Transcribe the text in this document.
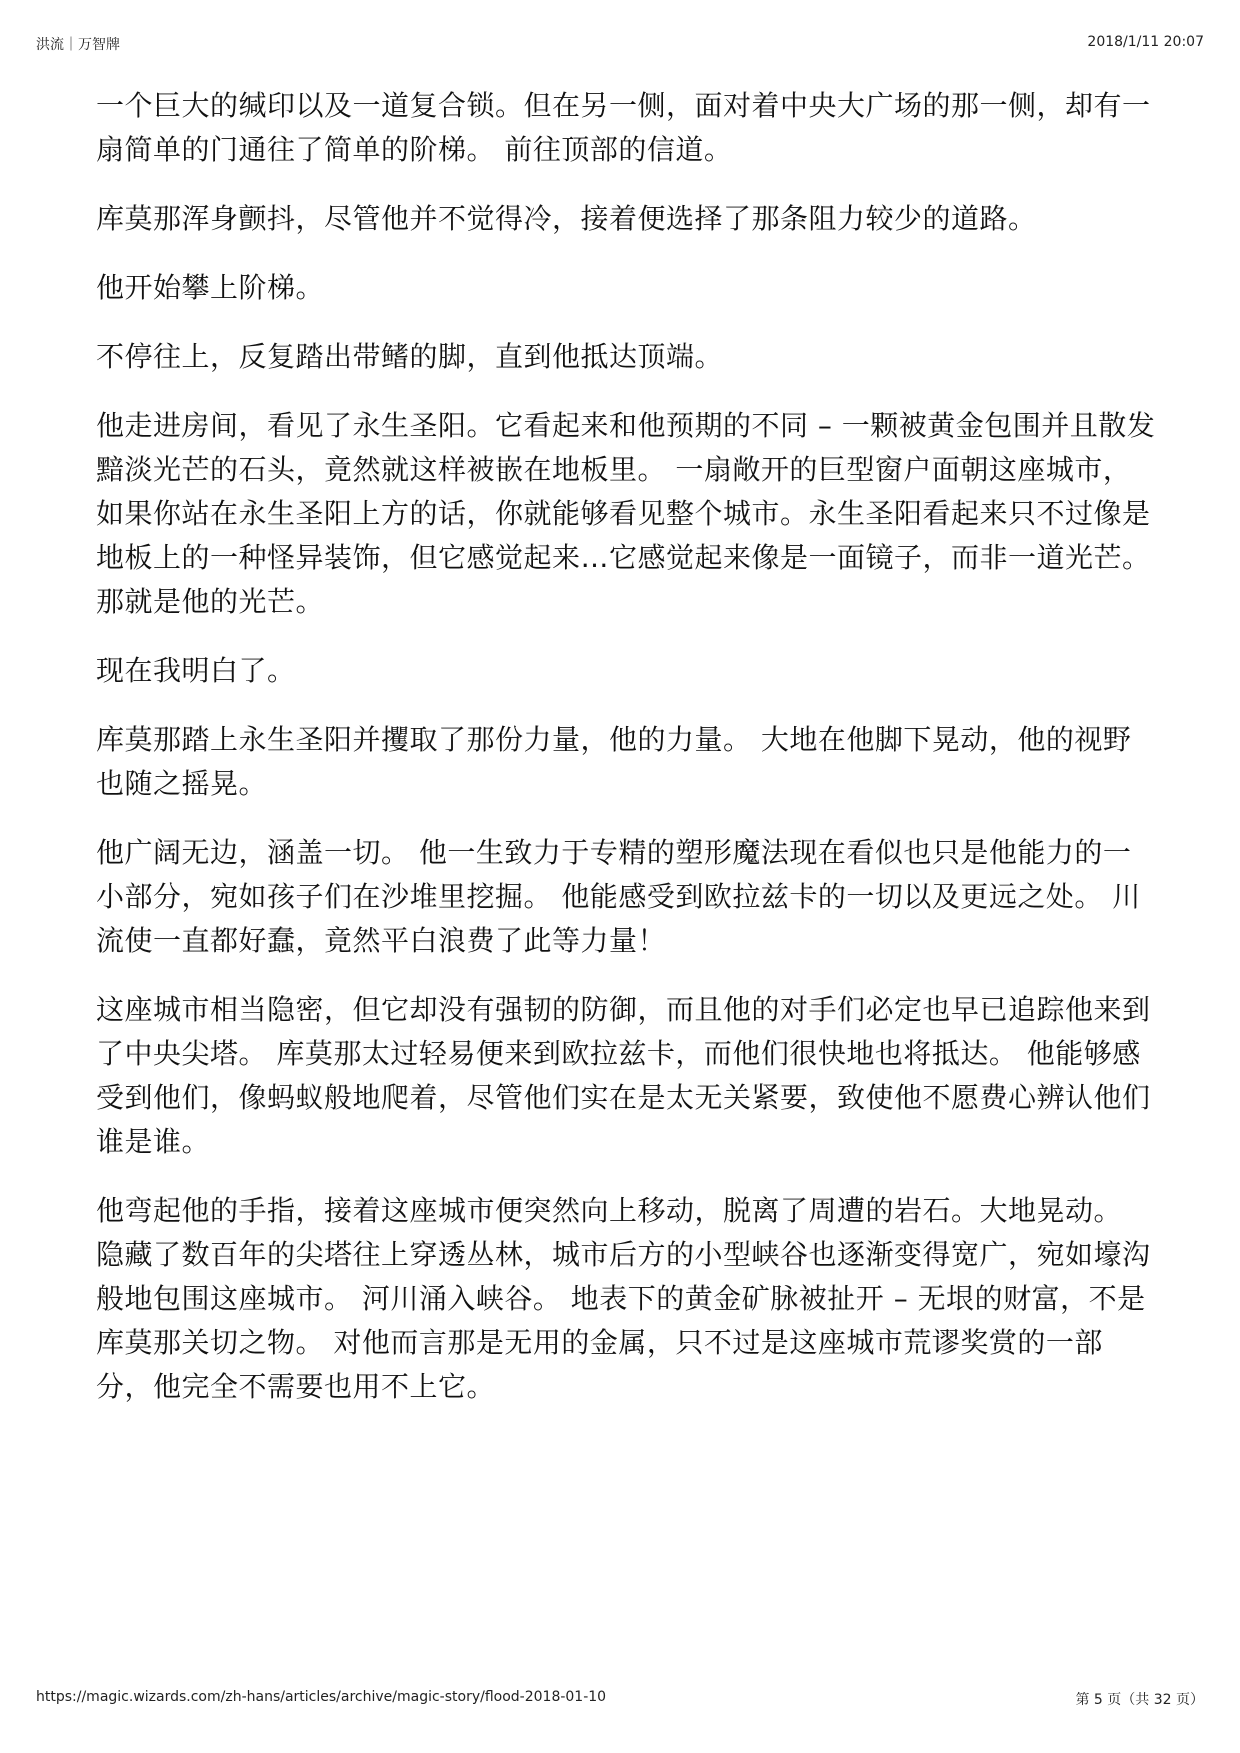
洪流｜万智牌	2018/1/11 20:07

一个巨大的缄印以及一道复合锁。但在另一侧，面对着中央大广场的那一侧，却有一扇简单的门通往了简单的阶梯。 前往顶部的信道。

库莫那浑身颤抖，尽管他并不觉得冷，接着便选择了那条阻力较少的道路。

他开始攀上阶梯。

不停往上，反复踏出带鳍的脚，直到他抵达顶端。

他走进房间，看见了永生圣阳。它看起来和他预期的不同 – 一颗被黄金包围并且散发黯淡光芒的石头，竟然就这样被嵌在地板里。 一扇敞开的巨型窗户面朝这座城市，如果你站在永生圣阳上方的话，你就能够看见整个城市。永生圣阳看起来只不过像是地板上的一种怪异装饰，但它感觉起来…它感觉起来像是一面镜子，而非一道光芒。 那就是他的光芒。

现在我明白了。

库莫那踏上永生圣阳并攫取了那份力量，他的力量。 大地在他脚下晃动，他的视野也随之摇晃。

他广阔无边，涵盖一切。 他一生致力于专精的塑形魔法现在看似也只是他能力的一小部分，宛如孩子们在沙堆里挖掘。 他能感受到欧拉兹卡的一切以及更远之处。 川流使一直都好蠢，竟然平白浪费了此等力量！

这座城市相当隐密，但它却没有强韧的防御，而且他的对手们必定也早已追踪他来到了中央尖塔。 库莫那太过轻易便来到欧拉兹卡，而他们很快地也将抵达。 他能够感受到他们，像蚂蚁般地爬着，尽管他们实在是太无关紧要，致使他不愿费心辨认他们谁是谁。

他弯起他的手指，接着这座城市便突然向上移动，脱离了周遭的岩石。大地晃动。 隐藏了数百年的尖塔往上穿透丛林，城市后方的小型峡谷也逐渐变得宽广，宛如壕沟般地包围这座城市。 河川涌入峡谷。 地表下的黄金矿脉被扯开 – 无垠的财富，不是库莫那关切之物。 对他而言那是无用的金属，只不过是这座城市荒谬奖赏的一部分，他完全不需要也用不上它。

https://magic.wizards.com/zh-hans/articles/archive/magic-story/flood-2018-01-10	第 5 页（共 32 页）
